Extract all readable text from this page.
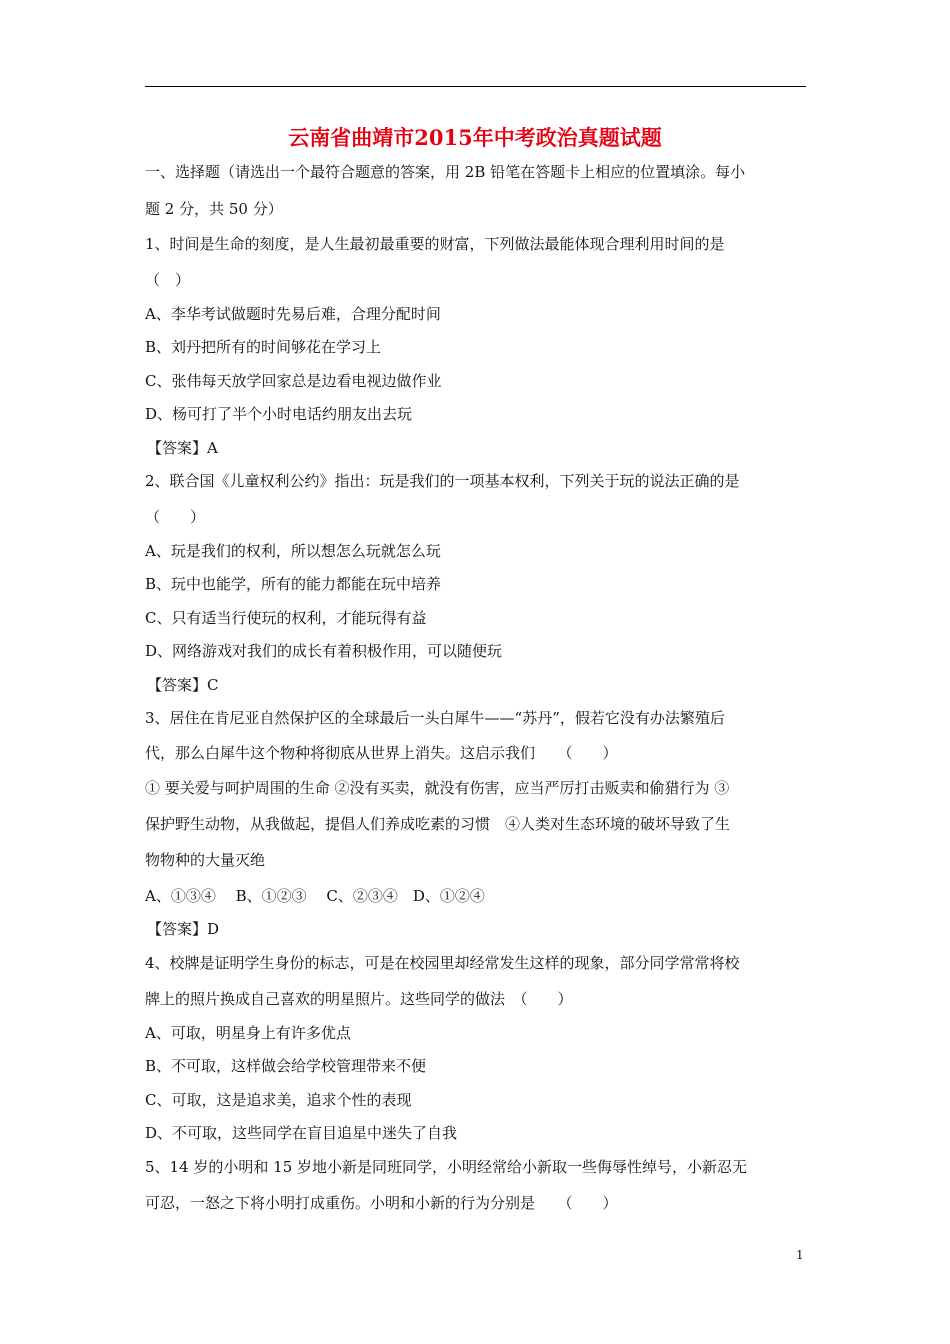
云南省曲靖市2015年中考政治真题试题
一、选择题（请选出一个最符合题意的答案，用 2B 铅笔在答题卡上相应的位置填涂。每小
题 2 分，共 50 分）
1、时间是生命的刻度，是人生最初最重要的财富，下列做法最能体现合理利用时间的是
（　）
A、李华考试做题时先易后难，合理分配时间
B、刘丹把所有的时间够花在学习上
C、张伟每天放学回家总是边看电视边做作业
D、杨可打了半个小时电话约朋友出去玩
【答案】A
2、联合国《儿童权利公约》指出：玩是我们的一项基本权利，下列关于玩的说法正确的是
（　　）
A、玩是我们的权利，所以想怎么玩就怎么玩
B、玩中也能学，所有的能力都能在玩中培养
C、只有适当行使玩的权利，才能玩得有益
D、网络游戏对我们的成长有着积极作用，可以随便玩
【答案】C
3、居住在肯尼亚自然保护区的全球最后一头白犀牛——“苏丹”，假若它没有办法繁殖后
代，那么白犀牛这个物种将彻底从世界上消失。这启示我们　　（　　）
① 要关爱与呵护周围的生命 ②没有买卖，就没有伤害，应当严厉打击贩卖和偷猎行为 ③
保护野生动物，从我做起，提倡人们养成吃素的习惯　④人类对生态环境的破坏导致了生
物物种的大量灭绝
A、①③④　 B、①②③　 C、②③④　D、①②④
【答案】D
4、校牌是证明学生身份的标志，可是在校园里却经常发生这样的现象，部分同学常常将校
牌上的照片换成自己喜欢的明星照片。这些同学的做法　（　　）
A、可取，明星身上有许多优点
B、不可取，这样做会给学校管理带来不便
C、可取，这是追求美，追求个性的表现
D、不可取，这些同学在盲目追星中迷失了自我
5、14 岁的小明和 15 岁地小新是同班同学，小明经常给小新取一些侮辱性绰号，小新忍无
可忍，一怒之下将小明打成重伤。小明和小新的行为分别是　　（　　）
1
